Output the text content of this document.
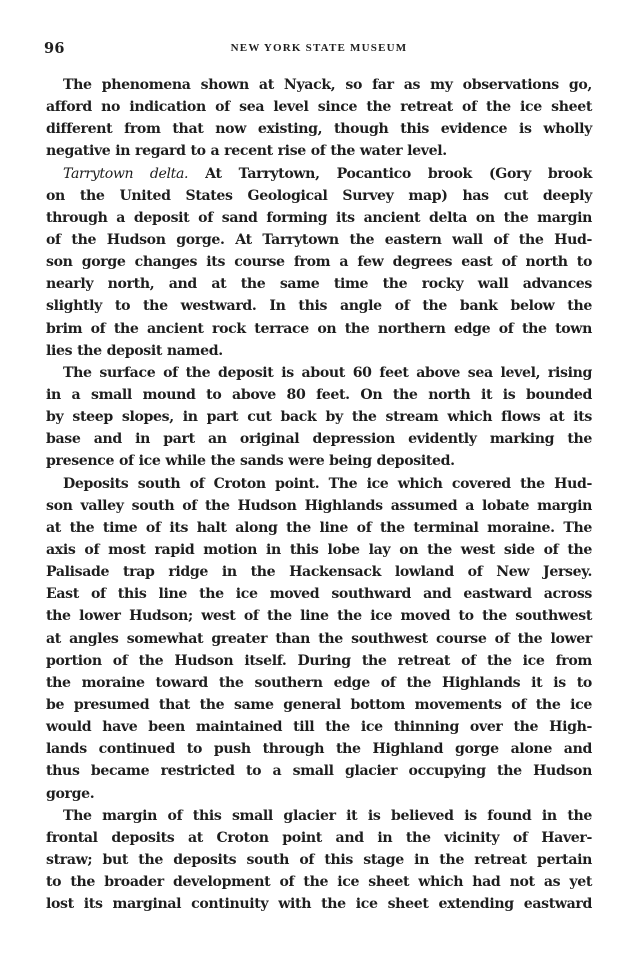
96	NEW YORK STATE MUSEUM
The phenomena shown at Nyack, so far as my observations go,
afford no indication of sea level since the retreat of the ice sheet
different from that now existing, though this evidence is wholly
negative in regard to a recent rise of the water level.
Tarrytown delta. At Tarrytown, Pocantico brook (Gory brook
on the United States Geological Survey map) has cut deeply
through a deposit of sand forming its ancient delta on the margin
of the Hudson gorge. At Tarrytown the eastern wall of the Hud-
son gorge changes its course from a few degrees east of north to
nearly north, and at the same time the rocky wall advances
slightly to the westward. In this angle of the bank below the
brim of the ancient rock terrace on the northern edge of the town
lies the deposit named.
The surface of the deposit is about 60 feet above sea level, rising
in a small mound to above 80 feet. On the north it is bounded
by steep slopes, in part cut back by the stream which flows at its
base and in part an original depression evidently marking the
presence of ice while the sands were being deposited.
Deposits south of Croton point. The ice which covered the Hud-
son valley south of the Hudson Highlands assumed a lobate margin
at the time of its halt along the line of the terminal moraine. The
axis of most rapid motion in this lobe lay on the west side of the
Palisade trap ridge in the Hackensack lowland of New Jersey.
East of this line the ice moved southward and eastward across
the lower Hudson; west of the line the ice moved to the southwest
at angles somewhat greater than the southwest course of the lower
portion of the Hudson itself. During the retreat of the ice from
the moraine toward the southern edge of the Highlands it is to
be presumed that the same general bottom movements of the ice
would have been maintained till the ice thinning over the High-
lands continued to push through the Highland gorge alone and
thus became restricted to a small glacier occupying the Hudson
gorge.
The margin of this small glacier it is believed is found in the
frontal deposits at Croton point and in the vicinity of Haver-
straw; but the deposits south of this stage in the retreat pertain
to the broader development of the ice sheet which had not as yet
lost its marginal continuity with the ice sheet extending eastward
